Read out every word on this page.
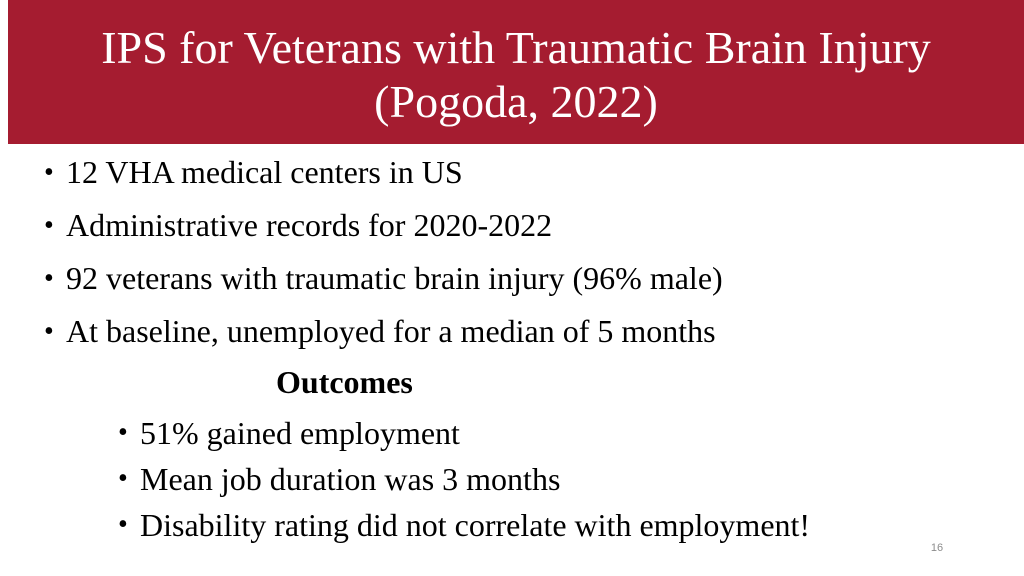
IPS for Veterans with Traumatic Brain Injury
(Pogoda, 2022)
• 12 VHA medical centers in US
• Administrative records for 2020-2022
• 92 veterans with traumatic brain injury (96% male)
• At baseline, unemployed for a median of 5 months
Outcomes
• 51% gained employment
• Mean job duration was 3 months
• Disability rating did not correlate with employment!
16
